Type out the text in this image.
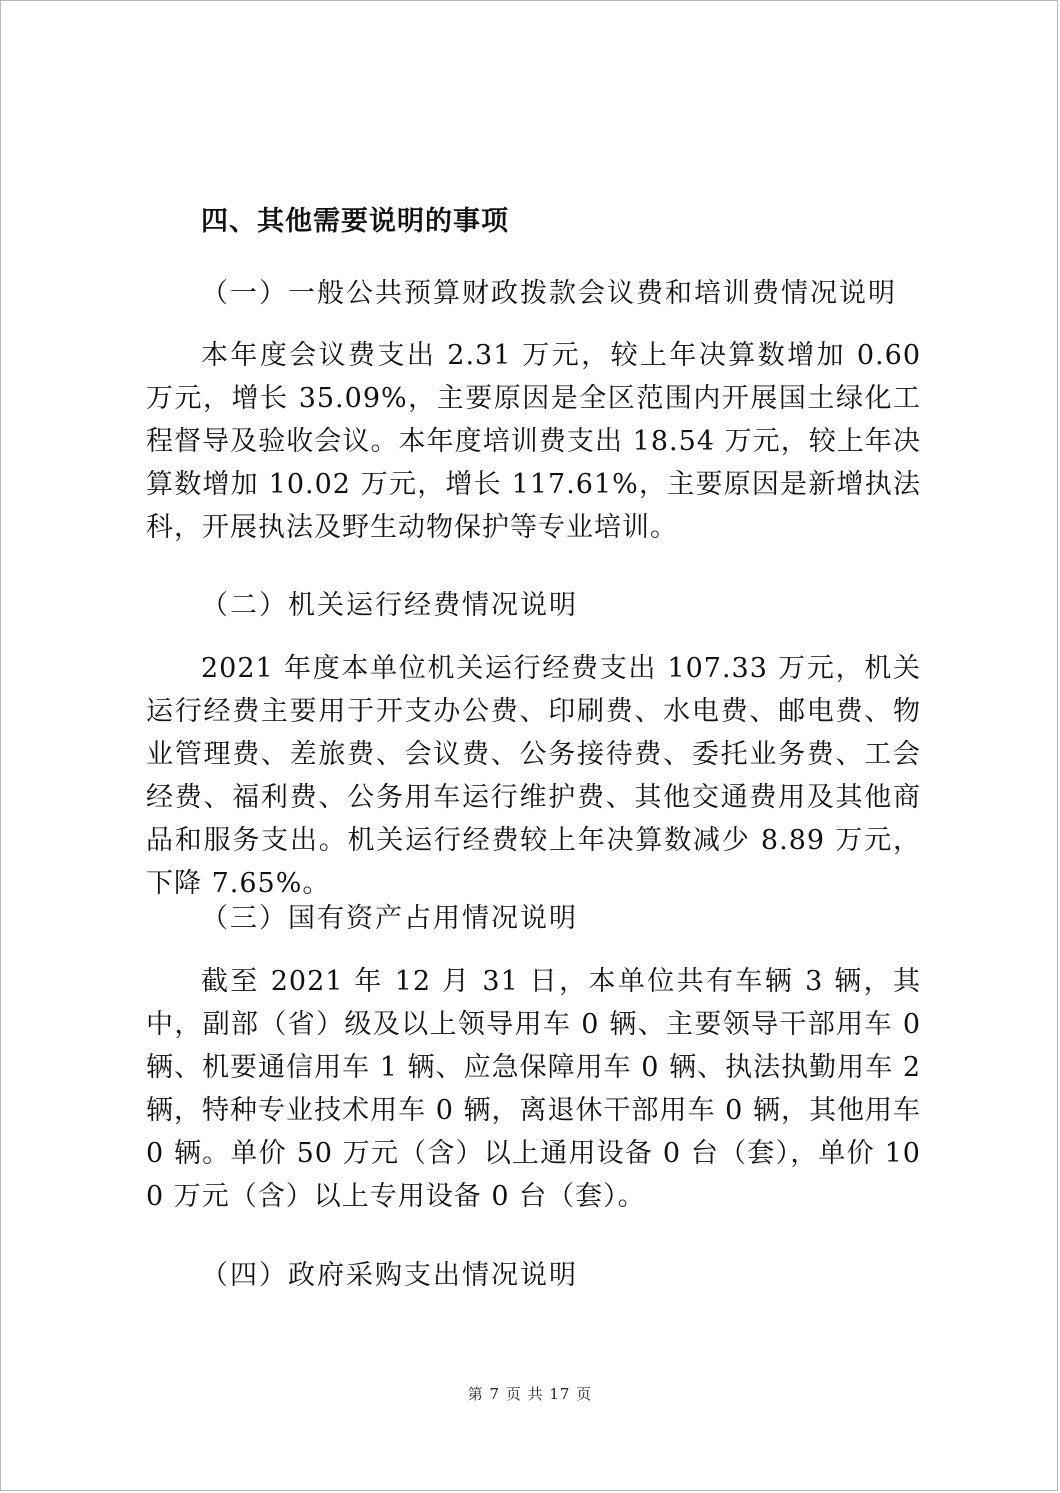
四、其他需要说明的事项
（一）一般公共预算财政拨款会议费和培训费情况说明
本年度会议费支出 2.31 万元，较上年决算数增加 0.60 万元，增长 35.09%，主要原因是全区范围内开展国土绿化工程督导及验收会议。本年度培训费支出 18.54 万元，较上年决算数增加 10.02 万元，增长 117.61%，主要原因是新增执法科，开展执法及野生动物保护等专业培训。
（二）机关运行经费情况说明
2021 年度本单位机关运行经费支出 107.33 万元，机关运行经费主要用于开支办公费、印刷费、水电费、邮电费、物业管理费、差旅费、会议费、公务接待费、委托业务费、工会经费、福利费、公务用车运行维护费、其他交通费用及其他商品和服务支出。机关运行经费较上年决算数减少 8.89 万元，下降 7.65%。
（三）国有资产占用情况说明
截至 2021 年 12 月 31 日，本单位共有车辆 3 辆，其中，副部（省）级及以上领导用车 0 辆、主要领导干部用车 0 辆、机要通信用车 1 辆、应急保障用车 0 辆、执法执勤用车 2 辆，特种专业技术用车 0 辆，离退休干部用车 0 辆，其他用车 0 辆。单价 50 万元（含）以上通用设备 0 台（套），单价 100 万元（含）以上专用设备 0 台（套）。
（四）政府采购支出情况说明
第 7 页 共 17 页
